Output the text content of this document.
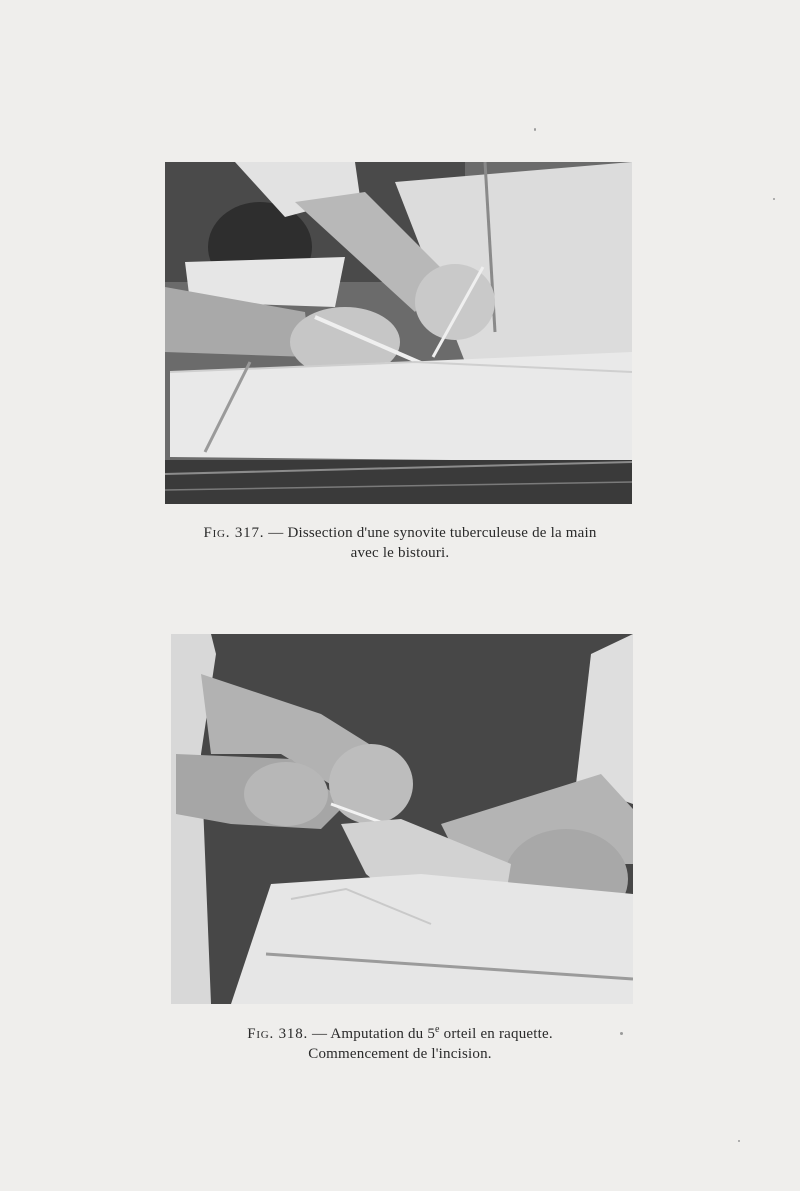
Fig. 317. — Dissection d'une synovite tuberculeuse de la main
avec le bistouri.
Fig. 318. — Amputation du 5e orteil en raquette.
Commencement de l'incision.
